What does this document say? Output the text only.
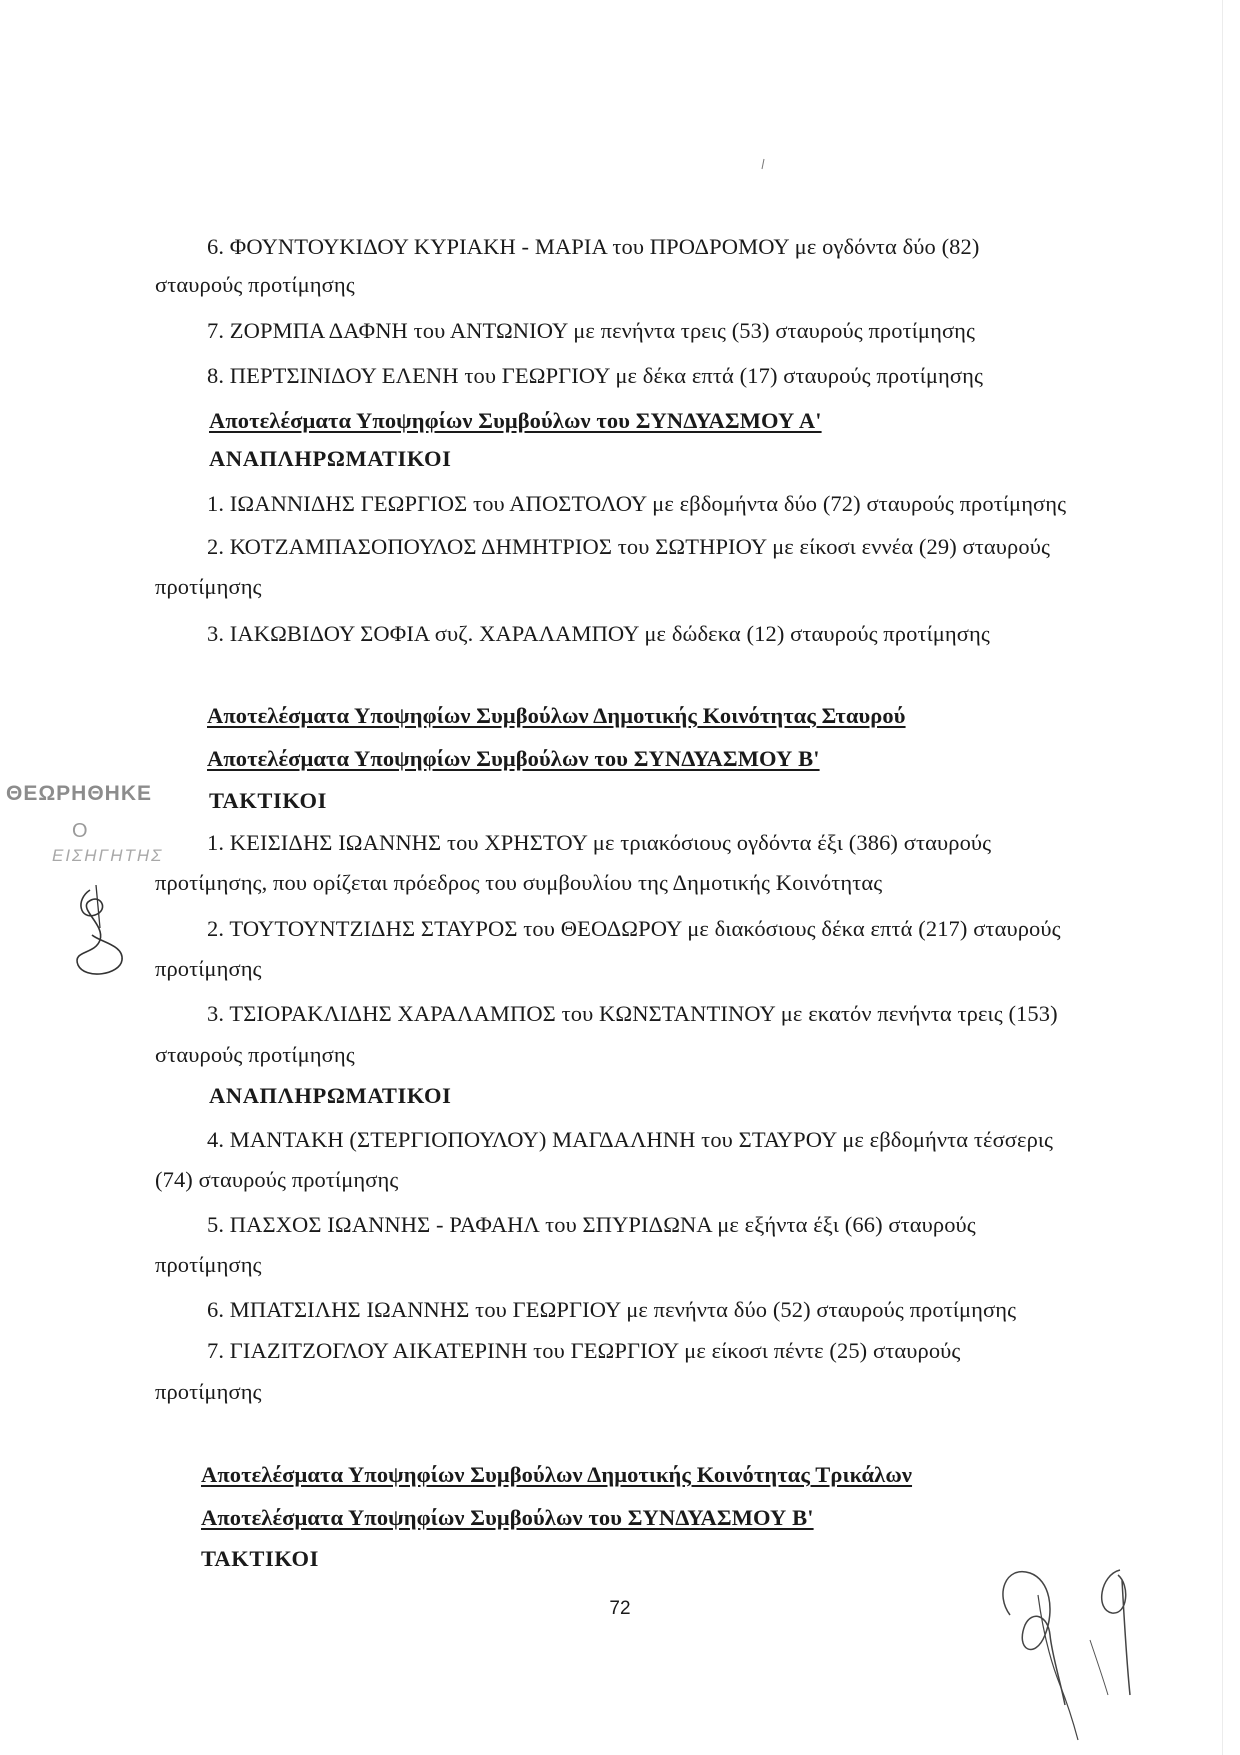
6. ΦΟΥΝΤΟΥΚΙΔΟΥ ΚΥΡΙΑΚΗ - ΜΑΡΙΑ του ΠΡΟΔΡΟΜΟΥ με ογδόντα δύο (82)
σταυρούς προτίμησης
7. ΖΟΡΜΠΑ ΔΑΦΝΗ του ΑΝΤΩΝΙΟΥ με πενήντα τρεις (53) σταυρούς προτίμησης
8. ΠΕΡΤΣΙΝΙΔΟΥ ΕΛΕΝΗ του ΓΕΩΡΓΙΟΥ με δέκα επτά (17) σταυρούς προτίμησης
Αποτελέσματα Υποψηφίων Συμβούλων του ΣΥΝΔΥΑΣΜΟΥ Α'
ΑΝΑΠΛΗΡΩΜΑΤΙΚΟΙ
1. ΙΩΑΝΝΙΔΗΣ ΓΕΩΡΓΙΟΣ του ΑΠΟΣΤΟΛΟΥ με εβδομήντα δύο (72) σταυρούς προτίμησης
2. ΚΟΤΖΑΜΠΑΣΟΠΟΥΛΟΣ ΔΗΜΗΤΡΙΟΣ του ΣΩΤΗΡΙΟΥ με είκοσι εννέα (29) σταυρούς
προτίμησης
3. ΙΑΚΩΒΙΔΟΥ ΣΟΦΙΑ συζ. ΧΑΡΑΛΑΜΠΟΥ με δώδεκα (12) σταυρούς προτίμησης
Αποτελέσματα Υποψηφίων Συμβούλων Δημοτικής Κοινότητας Σταυρού
Αποτελέσματα Υποψηφίων Συμβούλων του ΣΥΝΔΥΑΣΜΟΥ Β'
ΤΑΚΤΙΚΟΙ
1. ΚΕΙΣΙΔΗΣ ΙΩΑΝΝΗΣ του ΧΡΗΣΤΟΥ με τριακόσιους ογδόντα έξι (386) σταυρούς
προτίμησης, που ορίζεται πρόεδρος του συμβουλίου της Δημοτικής Κοινότητας
2. ΤΟΥΤΟΥΝΤΖΙΔΗΣ ΣΤΑΥΡΟΣ του ΘΕΟΔΩΡΟΥ με διακόσιους δέκα επτά (217) σταυρούς
προτίμησης
3. ΤΣΙΟΡΑΚΛΙΔΗΣ ΧΑΡΑΛΑΜΠΟΣ του ΚΩΝΣΤΑΝΤΙΝΟΥ με εκατόν πενήντα τρεις (153)
σταυρούς προτίμησης
ΑΝΑΠΛΗΡΩΜΑΤΙΚΟΙ
4. ΜΑΝΤΑΚΗ (ΣΤΕΡΓΙΟΠΟΥΛΟΥ) ΜΑΓΔΑΛΗΝΗ του ΣΤΑΥΡΟΥ με εβδομήντα τέσσερις
(74) σταυρούς προτίμησης
5. ΠΑΣΧΟΣ ΙΩΑΝΝΗΣ - ΡΑΦΑΗΛ του ΣΠΥΡΙΔΩΝΑ με εξήντα έξι (66) σταυρούς
προτίμησης
6. ΜΠΑΤΣΙΛΗΣ ΙΩΑΝΝΗΣ του ΓΕΩΡΓΙΟΥ με πενήντα δύο (52) σταυρούς προτίμησης
7. ΓΙΑΖΙΤΖΟΓΛΟΥ ΑΙΚΑΤΕΡΙΝΗ του ΓΕΩΡΓΙΟΥ με είκοσι πέντε (25) σταυρούς
προτίμησης
Αποτελέσματα Υποψηφίων Συμβούλων Δημοτικής Κοινότητας Τρικάλων
Αποτελέσματα Υποψηφίων Συμβούλων του ΣΥΝΔΥΑΣΜΟΥ Β'
ΤΑΚΤΙΚΟΙ
72
ΘΕΩΡΗΘΗΚΕ
Ο
ΕΙΣΗΓΗΤΗΣ
